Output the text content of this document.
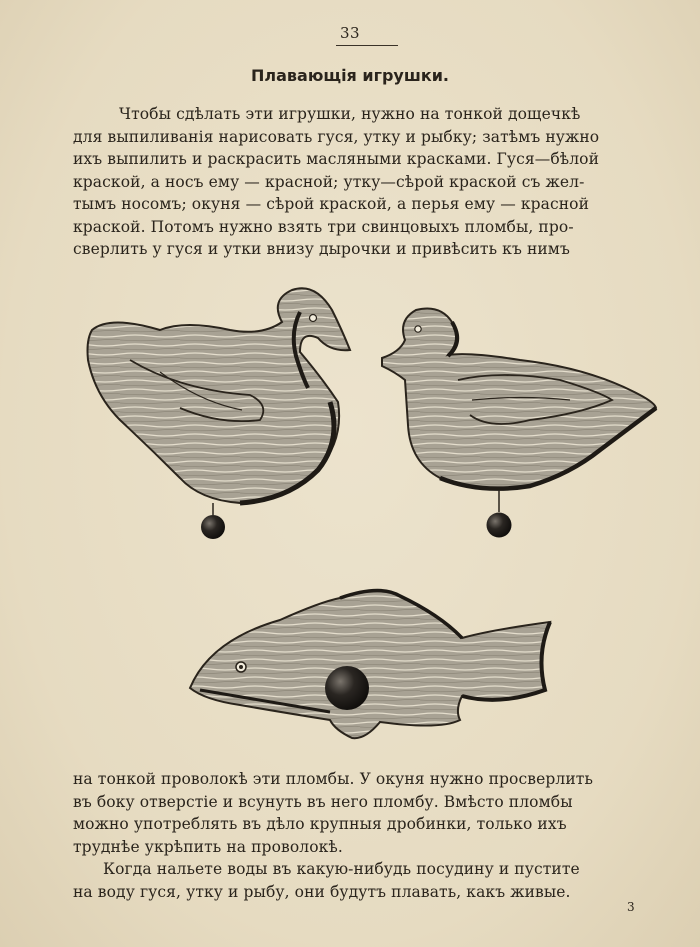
33
Плавающія игрушки.

Чтобы сдѣлать эти игрушки, нужно на тонкой дощечкѣ

для выпиливанія нарисовать гуся, утку и рыбку; затѣмъ нужно

ихъ выпилить и раскрасить масляными красками. Гуся—бѣлой

краской, а носъ ему — красной; утку—сѣрой краской съ жел-

тымъ носомъ; окуня — сѣрой краской, а перья ему — красной

краской. Потомъ нужно взять три свинцовыхъ пломбы, про-

сверлить у гуся и утки внизу дырочки и привѣсить къ нимъ

на тонкой проволокѣ эти пломбы. У окуня нужно просверлить

въ боку отверстіе и всунуть въ него пломбу. Вмѣсто пломбы

можно употреблять въ дѣло крупныя дробинки, только ихъ

труднѣе укрѣпить на проволокѣ.

Когда нальете воды въ какую-нибудь посудину и пустите

на воду гуся, утку и рыбу, они будутъ плавать, какъ живые.

3
